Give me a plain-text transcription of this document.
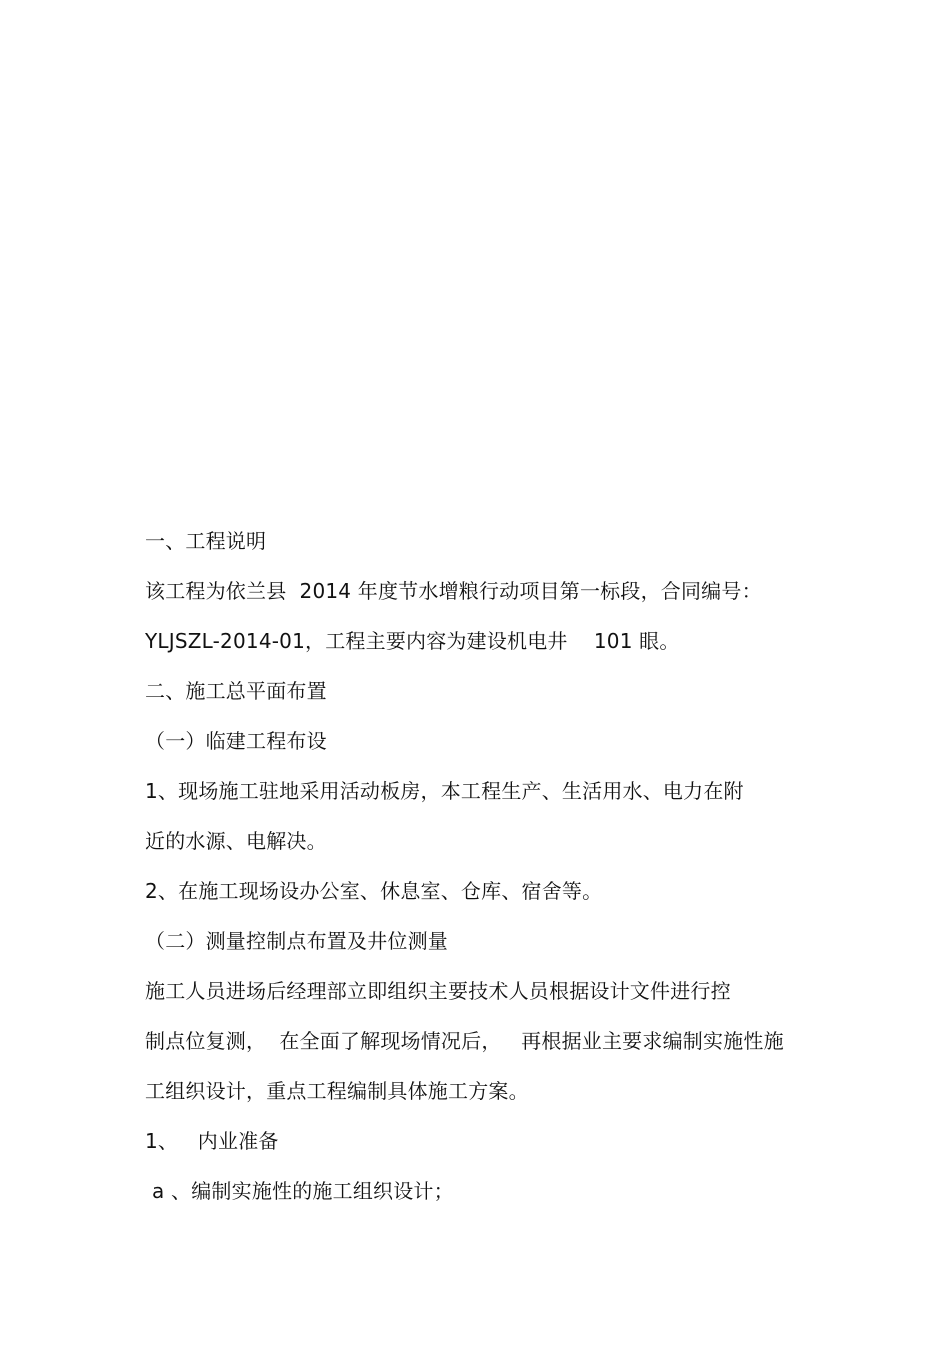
一、工程说明
该工程为依兰县  2014 年度节水增粮行动项目第一标段，合同编号：
YLJSZL-2014-01，工程主要内容为建设机电井    101 眼。
二、施工总平面布置
（一）临建工程布设
1、现场施工驻地采用活动板房，本工程生产、生活用水、电力在附
近的水源、电解决。
2、在施工现场设办公室、休息室、仓库、宿舍等。
（二）测量控制点布置及井位测量
施工人员进场后经理部立即组织主要技术人员根据设计文件进行控
制点位复测，  在全面了解现场情况后，   再根据业主要求编制实施性施
工组织设计，重点工程编制具体施工方案。
1、   内业准备
a 、编制实施性的施工组织设计；
